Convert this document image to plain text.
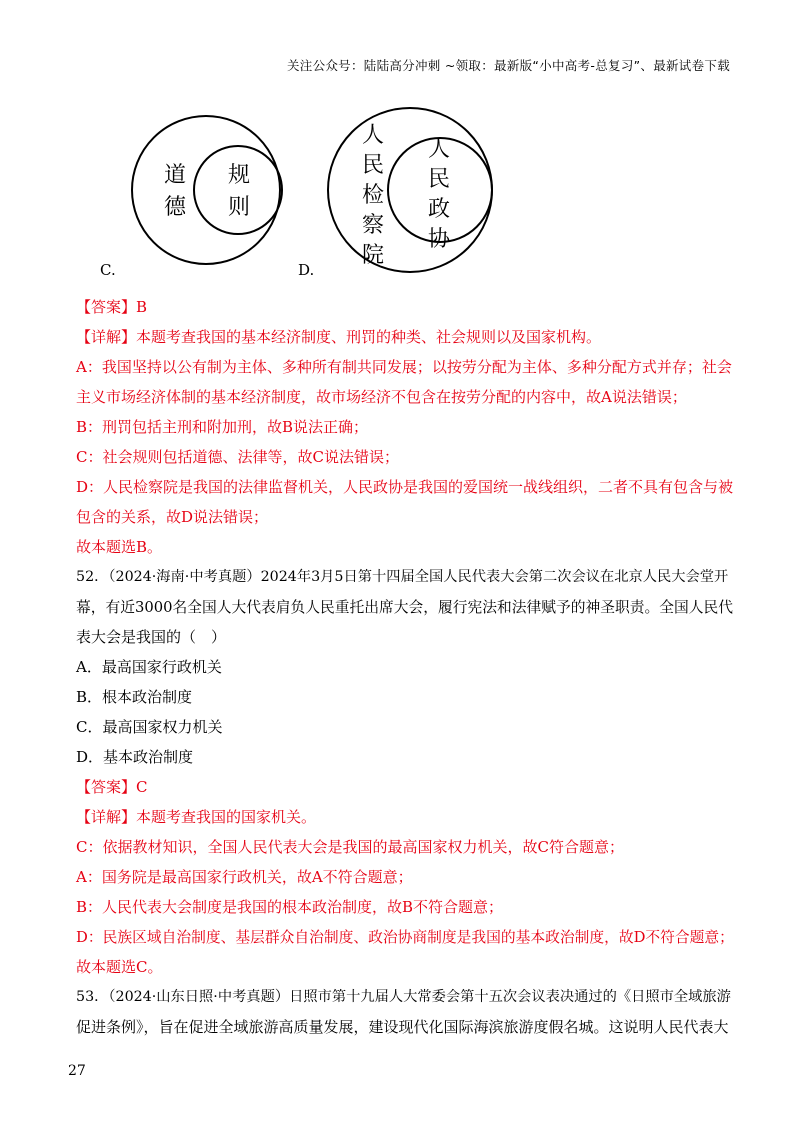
关注公众号：陆陆高分冲刺 ~领取：最新版“小中高考-总复习”、最新试卷下载
道
德
规
则
C.
人
民
检
察
院
人
民
政
协
D.
【答案】B
【详解】本题考查我国的基本经济制度、刑罚的种类、社会规则以及国家机构。
A：我国坚持以公有制为主体、多种所有制共同发展；以按劳分配为主体、多种分配方式并存；社会
主义市场经济体制的基本经济制度，故市场经济不包含在按劳分配的内容中，故A说法错误；
B：刑罚包括主刑和附加刑，故B说法正确；
C：社会规则包括道德、法律等，故C说法错误；
D：人民检察院是我国的法律监督机关，人民政协是我国的爱国统一战线组织，二者不具有包含与被
包含的关系，故D说法错误；
故本题选B。
52．（2024·海南·中考真题）2024年3月5日第十四届全国人民代表大会第二次会议在北京人民大会堂开
幕，有近3000名全国人大代表肩负人民重托出席大会，履行宪法和法律赋予的神圣职责。全国人民代
表大会是我国的（　）
A．最高国家行政机关
B．根本政治制度
C．最高国家权力机关
D．基本政治制度
【答案】C
【详解】本题考查我国的国家机关。
C：依据教材知识，全国人民代表大会是我国的最高国家权力机关，故C符合题意；
A：国务院是最高国家行政机关，故A不符合题意；
B：人民代表大会制度是我国的根本政治制度，故B不符合题意；
D：民族区域自治制度、基层群众自治制度、政治协商制度是我国的基本政治制度，故D不符合题意；
故本题选C。
53．（2024·山东日照·中考真题）日照市第十九届人大常委会第十五次会议表决通过的《日照市全域旅游
促进条例》，旨在促进全域旅游高质量发展，建设现代化国际海滨旅游度假名城。这说明人民代表大
27
